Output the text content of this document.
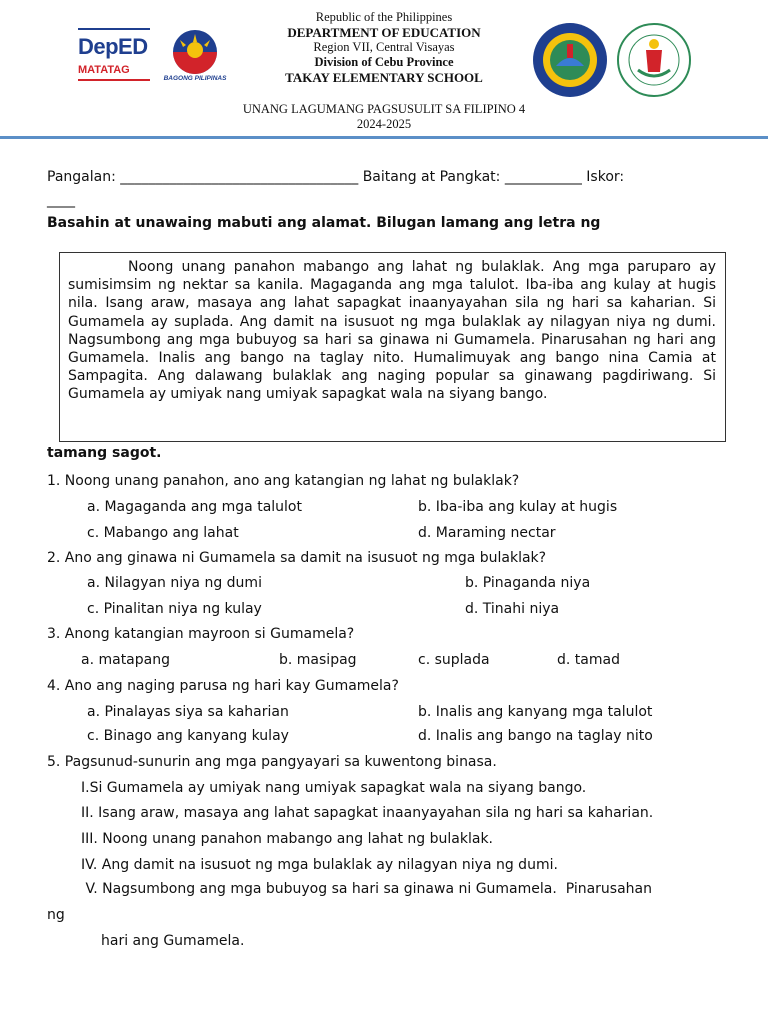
DepED
MATATAG
BAGONG PILIPINAS
Republic of the Philippines
DEPARTMENT OF EDUCATION
Region VII, Central Visayas
Division of Cebu Province
TAKAY ELEMENTARY SCHOOL
UNANG LAGUMANG PAGSUSULIT SA FILIPINO 4
2024-2025
Pangalan: __________________________________ Baitang at Pangkat: ___________ Iskor:
____
Basahin at unawaing mabuti ang alamat. Bilugan lamang ang letra ng
Noong unang panahon mabango ang lahat ng bulaklak. Ang mga paruparo ay sumisimsim ng nektar sa kanila. Magaganda ang mga talulot. Iba-iba ang kulay at hugis nila. Isang araw, masaya ang lahat sapagkat inaanyayahan sila ng hari sa kaharian. Si Gumamela ay suplada. Ang damit na isusuot ng mga bulaklak ay nilagyan niya ng dumi. Nagsumbong ang mga bubuyog sa hari sa ginawa ni Gumamela. Pinarusahan ng hari ang Gumamela. Inalis ang bango na taglay nito. Humalimuyak ang bango nina Camia at Sampagita. Ang dalawang bulaklak ang naging popular sa ginawang pagdiriwang. Si Gumamela ay umiyak nang umiyak sapagkat wala na siyang bango.
tamang sagot.
1. Noong unang panahon, ano ang katangian ng lahat ng bulaklak?
a. Magaganda ang mga talulot	b. Iba-iba ang kulay at hugis
c. Mabango ang lahat	d. Maraming nectar
2. Ano ang ginawa ni Gumamela sa damit na isusuot ng mga bulaklak?
a. Nilagyan niya ng dumi	b. Pinaganda niya
c. Pinalitan niya ng kulay	d. Tinahi niya
3. Anong katangian mayroon si Gumamela?
a. matapang	b. masipag	c. suplada	d. tamad
4. Ano ang naging parusa ng hari kay Gumamela?
a. Pinalayas siya sa kaharian	b. Inalis ang kanyang mga talulot
c. Binago ang kanyang kulay	d. Inalis ang bango na taglay nito
5. Pagsunud-sunurin ang mga pangyayari sa kuwentong binasa.
I.Si Gumamela ay umiyak nang umiyak sapagkat wala na siyang bango.
II. Isang araw, masaya ang lahat sapagkat inaanyayahan sila ng hari sa kaharian.
III. Noong unang panahon mabango ang lahat ng bulaklak.
IV. Ang damit na isusuot ng mga bulaklak ay nilagyan niya ng dumi.
V. Nagsumbong ang mga bubuyog sa hari sa ginawa ni Gumamela.  Pinarusahan
ng
hari ang Gumamela.
